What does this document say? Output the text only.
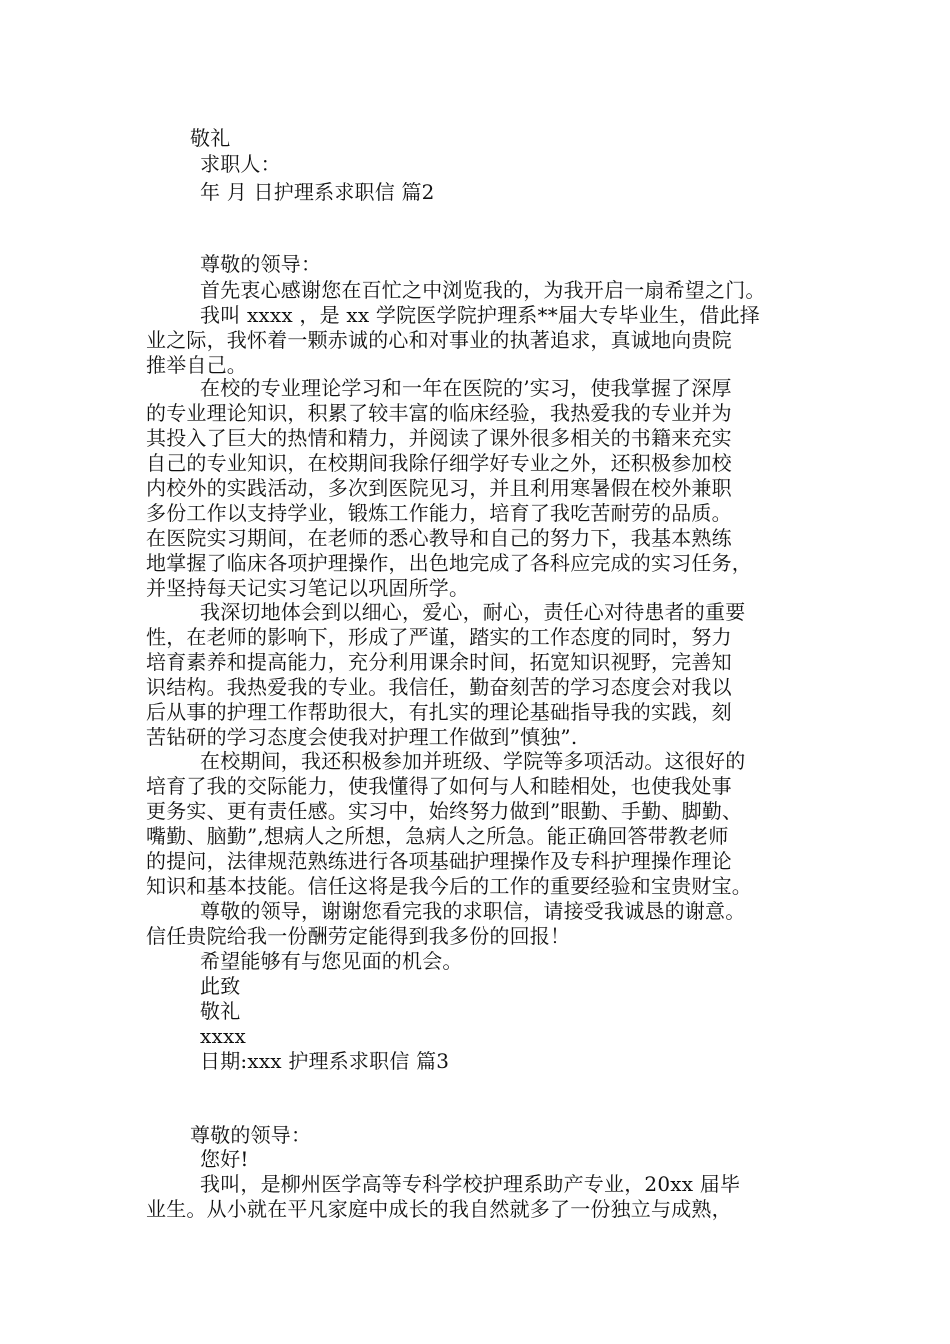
敬礼
求职人：
年 月 日护理系求职信 篇2
尊敬的领导：
首先衷心感谢您在百忙之中浏览我的，为我开启一扇希望之门。
我叫 xxxx ，是 xx 学院医学院护理系**届大专毕业生，借此择
业之际，我怀着一颗赤诚的心和对事业的执著追求，真诚地向贵院
推举自己。
在校的专业理论学习和一年在医院的’实习，使我掌握了深厚
的专业理论知识，积累了较丰富的临床经验，我热爱我的专业并为
其投入了巨大的热情和精力，并阅读了课外很多相关的书籍来充实
自己的专业知识，在校期间我除仔细学好专业之外，还积极参加校
内校外的实践活动，多次到医院见习，并且利用寒暑假在校外兼职
多份工作以支持学业，锻炼工作能力，培育了我吃苦耐劳的品质。
在医院实习期间，在老师的悉心教导和自己的努力下，我基本熟练
地掌握了临床各项护理操作，出色地完成了各科应完成的实习任务，
并坚持每天记实习笔记以巩固所学。
我深切地体会到以细心，爱心，耐心，责任心对待患者的重要
性，在老师的影响下，形成了严谨，踏实的工作态度的同时，努力
培育素养和提高能力，充分利用课余时间，拓宽知识视野，完善知
识结构。我热爱我的专业。我信任，勤奋刻苦的学习态度会对我以
后从事的护理工作帮助很大，有扎实的理论基础指导我的实践，刻
苦钻研的学习态度会使我对护理工作做到”慎独”.
在校期间，我还积极参加并班级、学院等多项活动。这很好的
培育了我的交际能力，使我懂得了如何与人和睦相处，也使我处事
更务实、更有责任感。实习中，始终努力做到”眼勤、手勤、脚勤、
嘴勤、脑勤”,想病人之所想，急病人之所急。能正确回答带教老师
的提问，法律规范熟练进行各项基础护理操作及专科护理操作理论
知识和基本技能。信任这将是我今后的工作的重要经验和宝贵财宝。
尊敬的领导，谢谢您看完我的求职信，请接受我诚恳的谢意。
信任贵院给我一份酬劳定能得到我多份的回报！
希望能够有与您见面的机会。
此致
敬礼
xxxx
日期:xxx 护理系求职信 篇3
尊敬的领导：
您好!
我叫，是柳州医学高等专科学校护理系助产专业，20xx 届毕
业生。从小就在平凡家庭中成长的我自然就多了一份独立与成熟，
